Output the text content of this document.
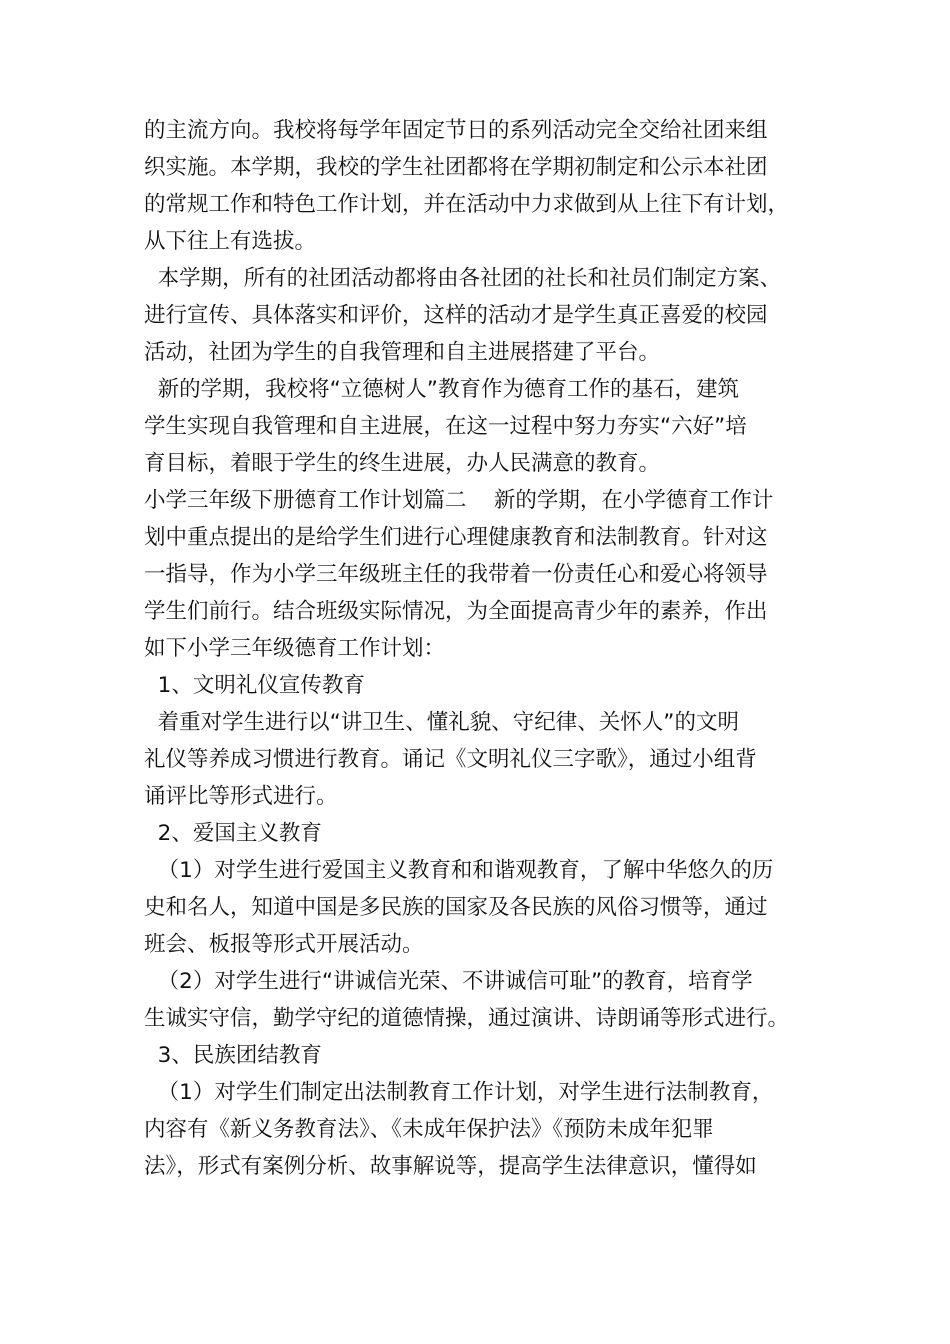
的主流方向。我校将每学年固定节日的系列活动完全交给社团来组
织实施。本学期，我校的学生社团都将在学期初制定和公示本社团
的常规工作和特色工作计划，并在活动中力求做到从上往下有计划，
从下往上有选拔。
本学期，所有的社团活动都将由各社团的社长和社员们制定方案、
进行宣传、具体落实和评价，这样的活动才是学生真正喜爱的校园
活动，社团为学生的自我管理和自主进展搭建了平台。
新的学期，我校将“立德树人”教育作为德育工作的基石，建筑
学生实现自我管理和自主进展，在这一过程中努力夯实“六好”培
育目标，着眼于学生的终生进展，办人民满意的教育。
小学三年级下册德育工作计划篇二    新的学期，在小学德育工作计
划中重点提出的是给学生们进行心理健康教育和法制教育。针对这
一指导，作为小学三年级班主任的我带着一份责任心和爱心将领导
学生们前行。结合班级实际情况，为全面提高青少年的素养，作出
如下小学三年级德育工作计划：
1、文明礼仪宣传教育
着重对学生进行以“讲卫生、懂礼貌、守纪律、关怀人”的文明
礼仪等养成习惯进行教育。诵记《文明礼仪三字歌》，通过小组背
诵评比等形式进行。
2、爱国主义教育
（1）对学生进行爱国主义教育和和谐观教育，了解中华悠久的历
史和名人，知道中国是多民族的国家及各民族的风俗习惯等，通过
班会、板报等形式开展活动。
（2）对学生进行“讲诚信光荣、不讲诚信可耻”的教育，培育学
生诚实守信，勤学守纪的道德情操，通过演讲、诗朗诵等形式进行。
3、民族团结教育
（1）对学生们制定出法制教育工作计划，对学生进行法制教育，
内容有《新义务教育法》、《未成年保护法》《预防未成年犯罪
法》，形式有案例分析、故事解说等，提高学生法律意识，懂得如
